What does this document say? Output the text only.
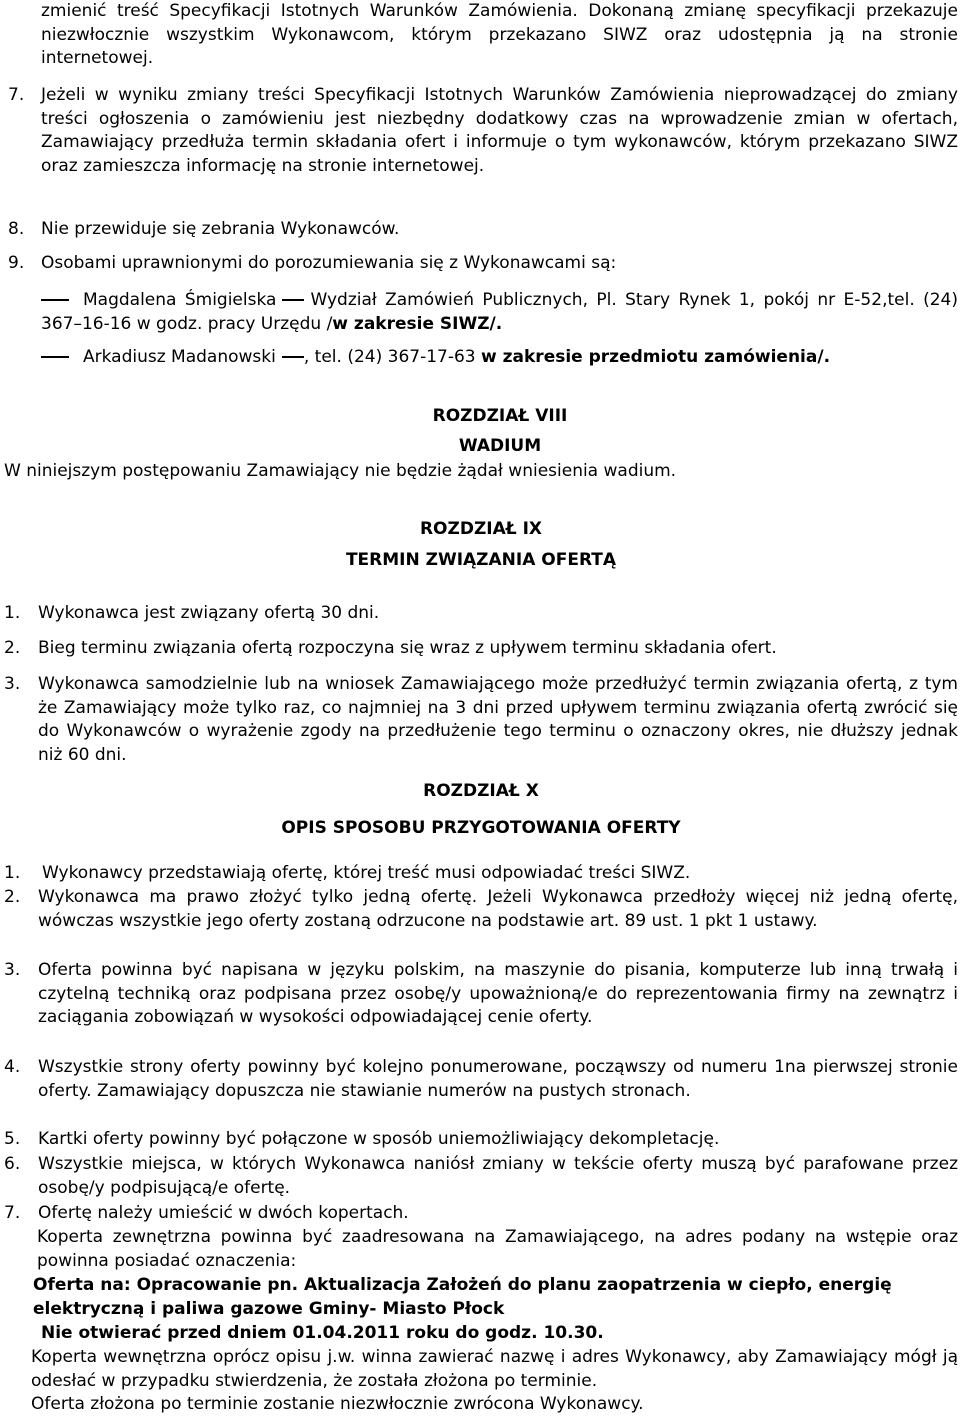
zmienić treść Specyfikacji Istotnych Warunków Zamówienia. Dokonaną zmianę specyfikacji przekazuje niezwłocznie wszystkim Wykonawcom, którym przekazano SIWZ oraz udostępnia ją na stronie internetowej.
7. Jeżeli w wyniku zmiany treści Specyfikacji Istotnych Warunków Zamówienia nieprowadzącej do zmiany treści ogłoszenia o zamówieniu jest niezbędny dodatkowy czas na wprowadzenie zmian w ofertach, Zamawiający przedłuża termin składania ofert i informuje o tym wykonawców, którym przekazano SIWZ oraz zamieszcza informację na stronie internetowej.
8. Nie przewiduje się zebrania Wykonawców.
9. Osobami uprawnionymi do porozumiewania się z Wykonawcami są:
Magdalena Śmigielska Wydział Zamówień Publicznych, Pl. Stary Rynek 1, pokój nr E-52,tel. (24) 367–16-16 w godz. pracy Urzędu /w zakresie SIWZ/.
Arkadiusz Madanowski , tel. (24) 367-17-63 w zakresie przedmiotu zamówienia/.
ROZDZIAŁ VIII
WADIUM
W niniejszym postępowaniu Zamawiający nie będzie żądał wniesienia wadium.
ROZDZIAŁ IX
TERMIN ZWIĄZANIA OFERTĄ
1.	Wykonawca jest związany ofertą 30 dni.
2.	Bieg terminu związania ofertą rozpoczyna się wraz z upływem terminu składania ofert.
3.	Wykonawca samodzielnie lub na wniosek Zamawiającego może przedłużyć termin związania ofertą, z tym że Zamawiający może tylko raz, co najmniej na 3 dni przed upływem terminu związania ofertą zwrócić się do Wykonawców o wyrażenie zgody na przedłużenie tego terminu o oznaczony okres, nie dłuższy jednak niż 60 dni.
ROZDZIAŁ X
OPIS SPOSOBU PRZYGOTOWANIA OFERTY
1.	Wykonawcy przedstawiają ofertę, której treść musi odpowiadać treści SIWZ.
2.	Wykonawca ma prawo złożyć tylko jedną ofertę. Jeżeli Wykonawca przedłoży więcej niż jedną ofertę, wówczas wszystkie jego oferty zostaną odrzucone na podstawie art. 89 ust. 1 pkt 1 ustawy.
3.	Oferta powinna być napisana w języku polskim, na maszynie do pisania, komputerze lub inną trwałą i czytelną techniką oraz podpisana przez osobę/y upoważnioną/e do reprezentowania firmy na zewnątrz i zaciągania zobowiązań w wysokości odpowiadającej cenie oferty.
4.	Wszystkie strony oferty powinny być kolejno ponumerowane, począwszy od numeru 1na pierwszej stronie oferty. Zamawiający dopuszcza nie stawianie numerów na pustych stronach.
5.	Kartki oferty powinny być połączone w sposób uniemożliwiający dekompletację.
6.	Wszystkie miejsca, w których Wykonawca naniósł zmiany w tekście oferty muszą być parafowane przez osobę/y podpisującą/e ofertę.
7.	Ofertę należy umieścić w dwóch kopertach.
Koperta zewnętrzna powinna być zaadresowana na Zamawiającego, na adres podany na wstępie oraz powinna posiadać oznaczenia:
Oferta na: Opracowanie pn. Aktualizacja Założeń do planu zaopatrzenia w ciepło, energię elektryczną i paliwa gazowe Gminy- Miasto Płock
Nie otwierać przed dniem 01.04.2011 roku do godz. 10.30.
Koperta wewnętrzna oprócz opisu j.w. winna zawierać nazwę i adres Wykonawcy, aby Zamawiający mógł ją odesłać w przypadku stwierdzenia, że została złożona po terminie.
Oferta złożona po terminie zostanie niezwłocznie zwrócona Wykonawcy.
